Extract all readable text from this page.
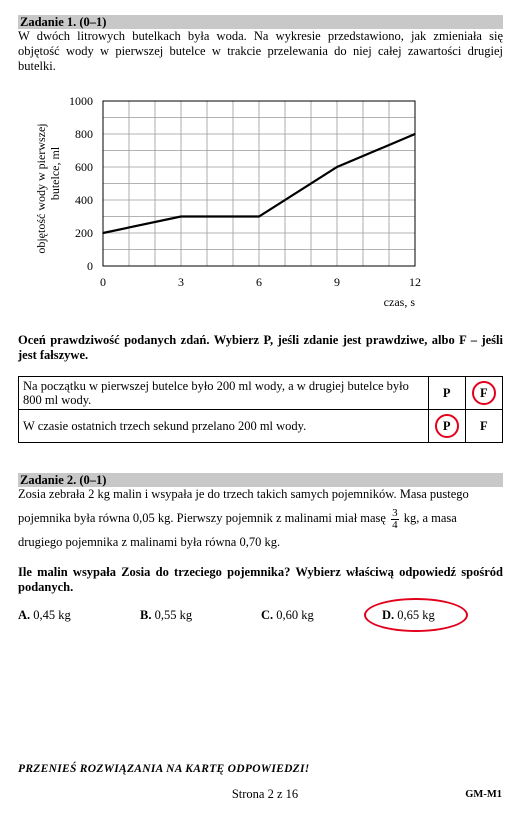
Zadanie 1. (0–1)
W dwóch litrowych butelkach była woda. Na wykresie przedstawiono, jak zmieniała się objętość wody w pierwszej butelce w trakcie przelewania do niej całej zawartości drugiej butelki.
0
200
400
600
800
1000
0	3	6	9	12
czas, s
objętość wody w pierwszej butelce, ml
Oceń prawdziwość podanych zdań. Wybierz P, jeśli zdanie jest prawdziwe, albo F – jeśli jest fałszywe.
Na początku w pierwszej butelce było 200 ml wody, a w drugiej butelce było 800 ml wody.	P	F

W czasie ostatnich trzech sekund przelano 200 ml wody.	P	F
Zadanie 2. (0–1)
Zosia zebrała 2 kg malin i wsypała je do trzech takich samych pojemników. Masa pustego
pojemnika była równa 0,05 kg. Pierwszy pojemnik z malinami miał masę $\frac{3}{4}$ kg, a masa
drugiego pojemnika z malinami była równa 0,70 kg.
Ile malin wsypała Zosia do trzeciego pojemnika? Wybierz właściwą odpowiedź spośród podanych.
A. 0,45 kg	B. 0,55 kg	C. 0,60 kg	D. 0,65 kg
PRZENIEŚ ROZWIĄZANIA NA KARTĘ ODPOWIEDZI!
Strona 2 z 16	GM-M1
